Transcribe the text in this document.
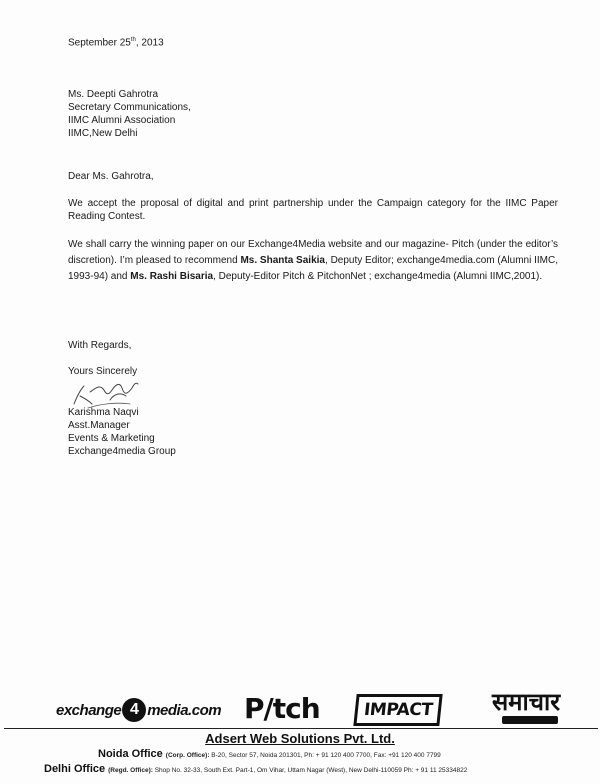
September 25th, 2013

Ms. Deepti Gahrotra

Secretary Communications,

IIMC Alumni Association

IIMC,New Delhi

Dear Ms. Gahrotra,
We accept the proposal of digital and print partnership under the Campaign category for the IIMC Paper Reading Contest.
We shall carry the winning paper on our Exchange4Media website and our magazine- Pitch (under the editor’s discretion). I’m pleased to recommend Ms. Shanta Saikia, Deputy Editor; exchange4media.com (Alumni IIMC, 1993-94) and Ms. Rashi Bisaria, Deputy-Editor Pitch & PitchonNet ; exchange4media (Alumni IIMC,2001).
With Regards,
Yours Sincerely

Karishma Naqvi

Asst.Manager

Events & Marketing

Exchange4media Group

exchange 4 media.com P/tch	IMPACT	समाचार
Adsert Web Solutions Pvt. Ltd.
Noida Office (Corp. Office): B-20, Sector 57, Noida 201301, Ph: + 91 120 400 7700, Fax: +91 120 400 7799
Delhi Office (Regd. Office): Shop No. 32-33, South Ext. Part-1, Om Vihar, Uttam Nagar (West), New Delhi-110059 Ph: + 91 11 25334822
